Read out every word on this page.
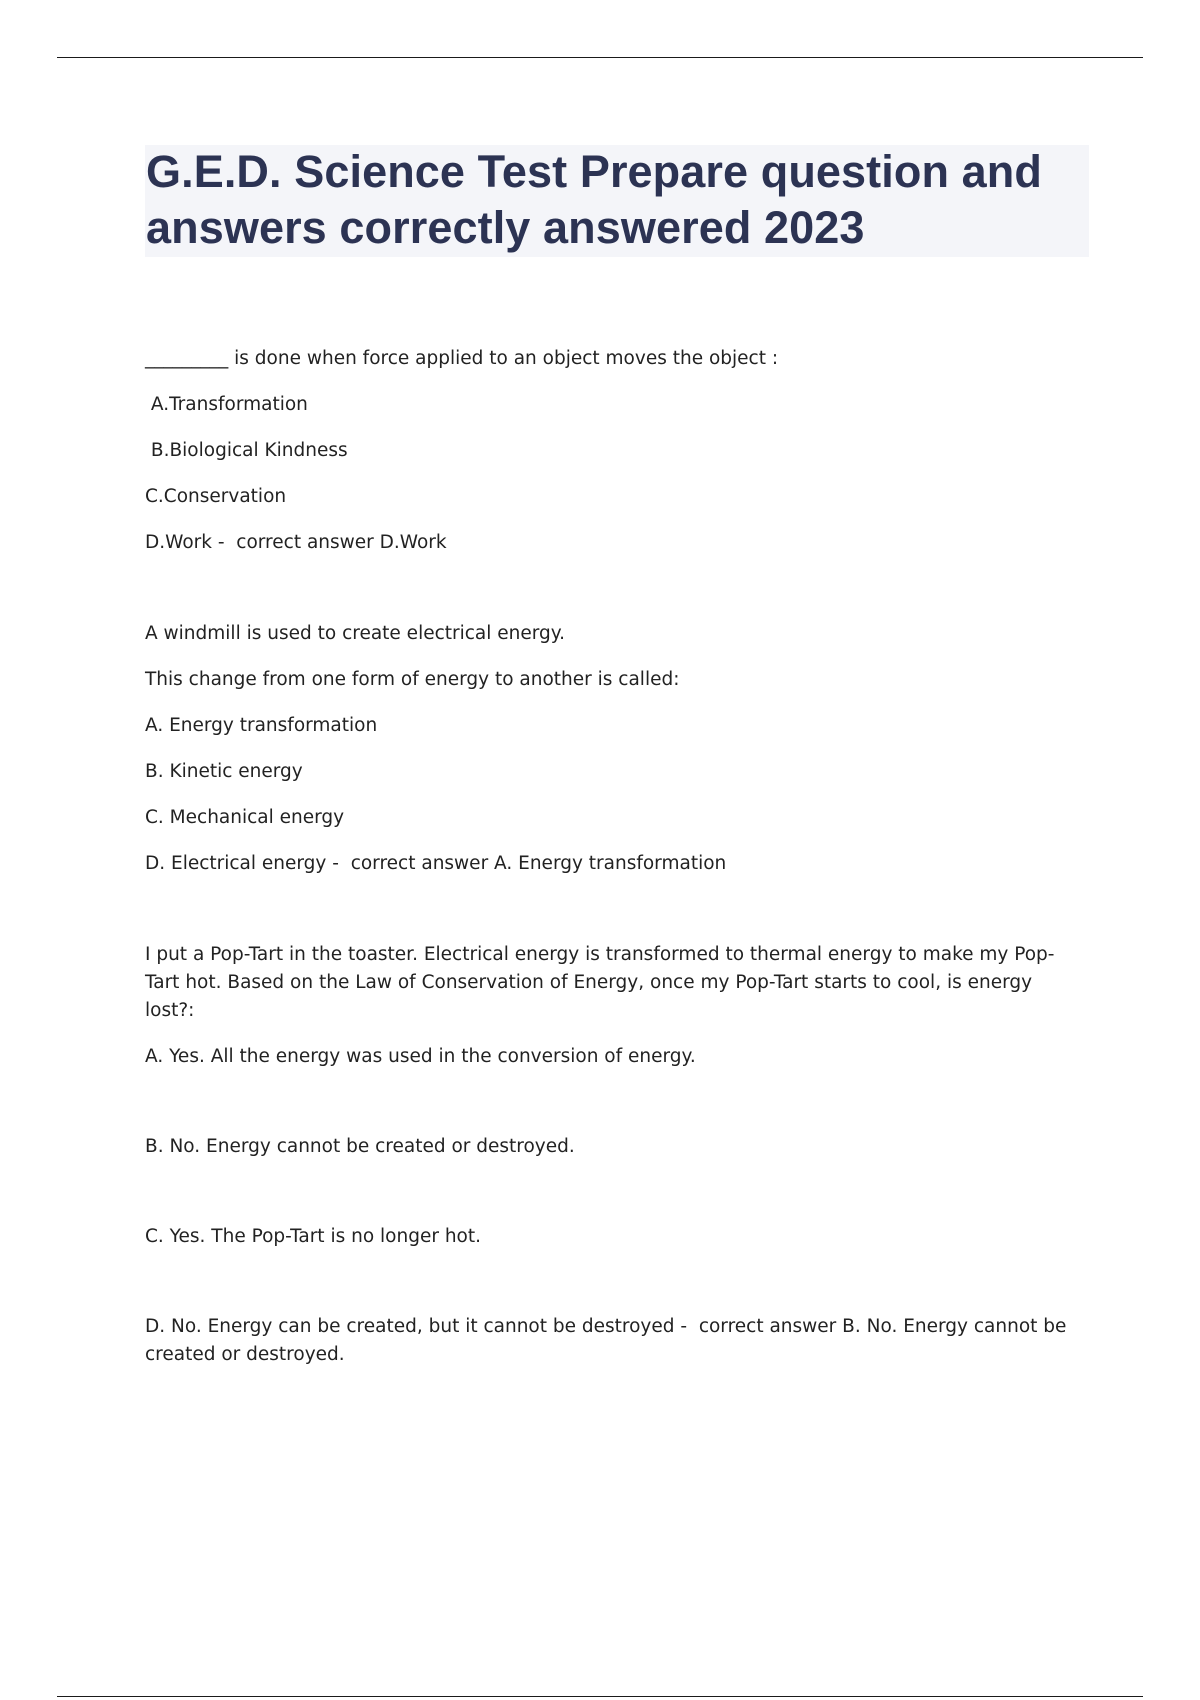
G.E.D. Science Test Prepare question and answers correctly answered 2023

_________ is done when force applied to an object moves the object :

A.Transformation

B.Biological Kindness

C.Conservation

D.Work -  correct answer D.Work

A windmill is used to create electrical energy.

This change from one form of energy to another is called:

A. Energy transformation

B. Kinetic energy

C. Mechanical energy

D. Electrical energy -  correct answer A. Energy transformation

I put a Pop-Tart in the toaster. Electrical energy is transformed to thermal energy to make my Pop-Tart hot. Based on the Law of Conservation of Energy, once my Pop-Tart starts to cool, is energy lost?:

A. Yes. All the energy was used in the conversion of energy.

B. No. Energy cannot be created or destroyed.

C. Yes. The Pop-Tart is no longer hot.

D. No. Energy can be created, but it cannot be destroyed -  correct answer B. No. Energy cannot be created or destroyed.
